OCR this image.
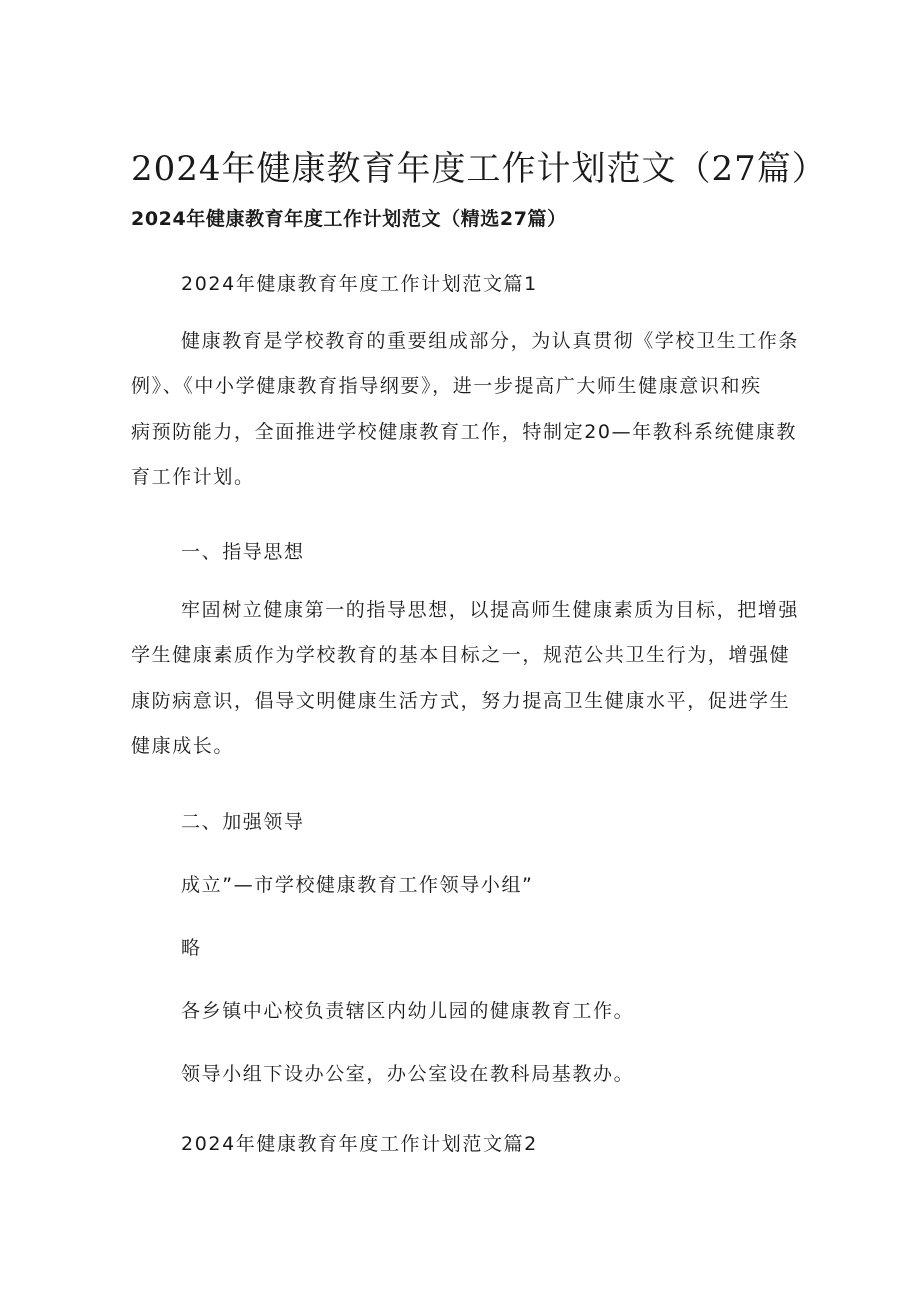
2024年健康教育年度工作计划范文（27篇）
2024年健康教育年度工作计划范文（精选27篇）
2024年健康教育年度工作计划范文篇1
健康教育是学校教育的重要组成部分，为认真贯彻《学校卫生工作条
例》、《中小学健康教育指导纲要》，进一步提高广大师生健康意识和疾
病预防能力，全面推进学校健康教育工作，特制定20—年教科系统健康教
育工作计划。
一、指导思想
牢固树立健康第一的指导思想，以提高师生健康素质为目标，把增强
学生健康素质作为学校教育的基本目标之一，规范公共卫生行为，增强健
康防病意识，倡导文明健康生活方式，努力提高卫生健康水平，促进学生
健康成长。
二、加强领导
成立”—市学校健康教育工作领导小组”
略
各乡镇中心校负责辖区内幼儿园的健康教育工作。
领导小组下设办公室，办公室设在教科局基教办。
2024年健康教育年度工作计划范文篇2
